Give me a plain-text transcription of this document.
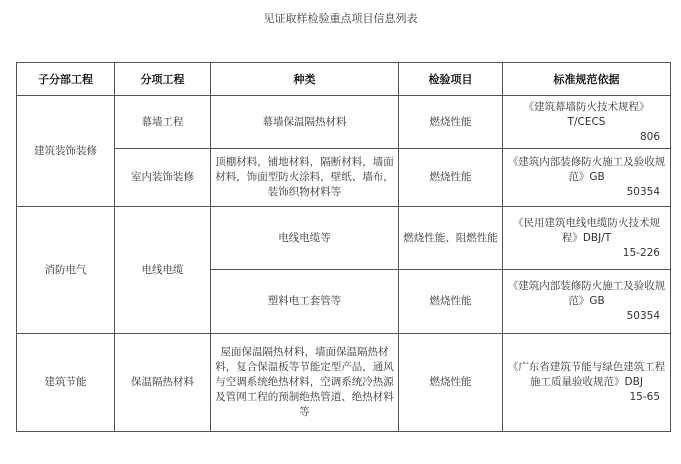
见证取样检验重点项目信息列表
子分部工程	分项工程	种类	检验项目	标准规范依据
建筑装饰装修	幕墙工程	幕墙保温隔热材料	燃烧性能	《建筑幕墙防火技术规程》
T/CECS
806

	室内装饰装修	顶棚材料，铺地材料，隔断材料，墙面材料，饰面型防火涂料，壁纸、墙布，装饰织物材料等	燃烧性能	《建筑内部装修防火施工及验收规范》GB
50354

消防电气	电线电缆	电线电缆等	燃烧性能、阻燃性能	《民用建筑电线电缆防火技术规程》DBJ/T
15-226

		塑料电工套管等	燃烧性能	《建筑内部装修防火施工及验收规范》GB
50354

建筑节能	保温隔热材料	屋面保温隔热材料，墙面保温隔热材料，复合保温板等节能定型产品，通风与空调系统绝热材料，空调系统冷热源及管网工程的预制绝热管道、绝热材料等	燃烧性能	《广东省建筑节能与绿色建筑工程施工质量验收规范》DBJ
15-65
